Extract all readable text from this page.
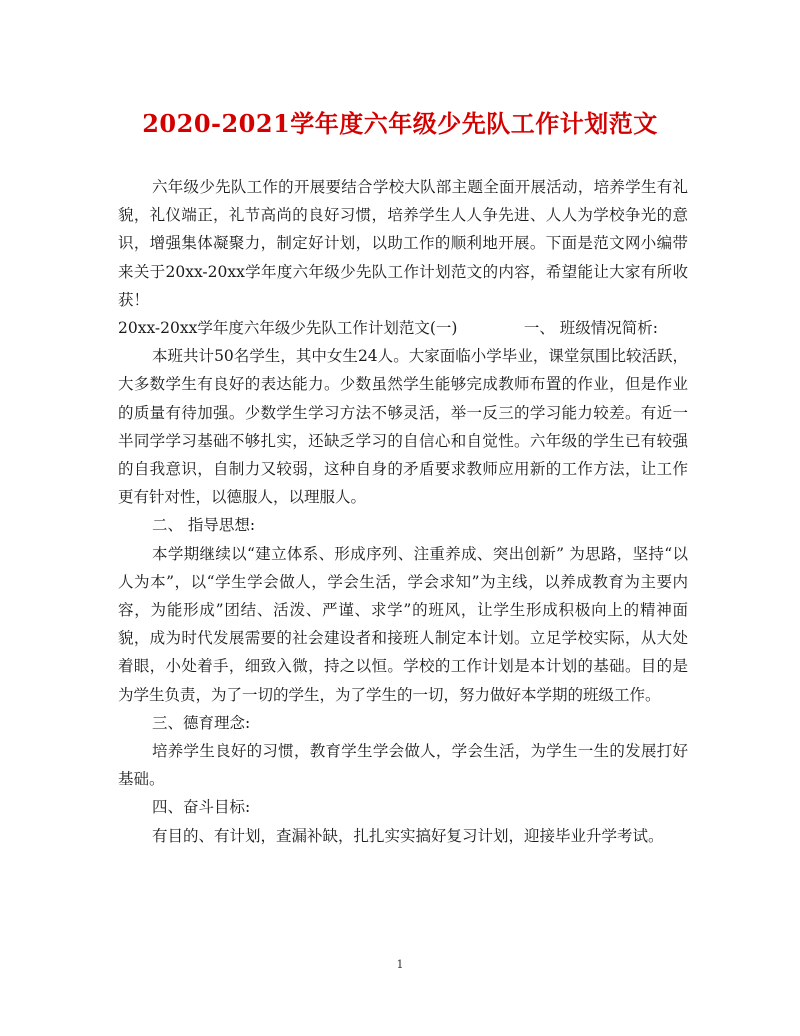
2020-2021学年度六年级少先队工作计划范文

六年级少先队工作的开展要结合学校大队部主题全面开展活动，培养学生有礼貌，礼仪端正，礼节高尚的良好习惯，培养学生人人争先进、人人为学校争光的意识，增强集体凝聚力，制定好计划，以助工作的顺利地开展。下面是范文网小编带来关于20xx-20xx学年度六年级少先队工作计划范文的内容，希望能让大家有所收获！

20xx-20xx学年度六年级少先队工作计划范文(一)	一、 班级情况简析:

本班共计50名学生，其中女生24人。大家面临小学毕业，课堂氛围比较活跃，大多数学生有良好的表达能力。少数虽然学生能够完成教师布置的作业，但是作业的质量有待加强。少数学生学习方法不够灵活，举一反三的学习能力较差。有近一半同学学习基础不够扎实，还缺乏学习的自信心和自觉性。六年级的学生已有较强的自我意识，自制力又较弱，这种自身的矛盾要求教师应用新的工作方法，让工作更有针对性，以德服人，以理服人。

二、 指导思想:

本学期继续以“建立体系、形成序列、注重养成、突出创新” 为思路，坚持“以人为本”，以“学生学会做人，学会生活，学会求知”为主线，以养成教育为主要内容，为能形成”团结、活泼、严谨、求学”的班风，让学生形成积极向上的精神面貌，成为时代发展需要的社会建设者和接班人制定本计划。立足学校实际，从大处着眼，小处着手，细致入微，持之以恒。学校的工作计划是本计划的基础。目的是为学生负责，为了一切的学生，为了学生的一切，努力做好本学期的班级工作。

三、德育理念:

培养学生良好的习惯，教育学生学会做人，学会生活，为学生一生的发展打好基础。

四、奋斗目标:

有目的、有计划，查漏补缺，扎扎实实搞好复习计划，迎接毕业升学考试。

1
